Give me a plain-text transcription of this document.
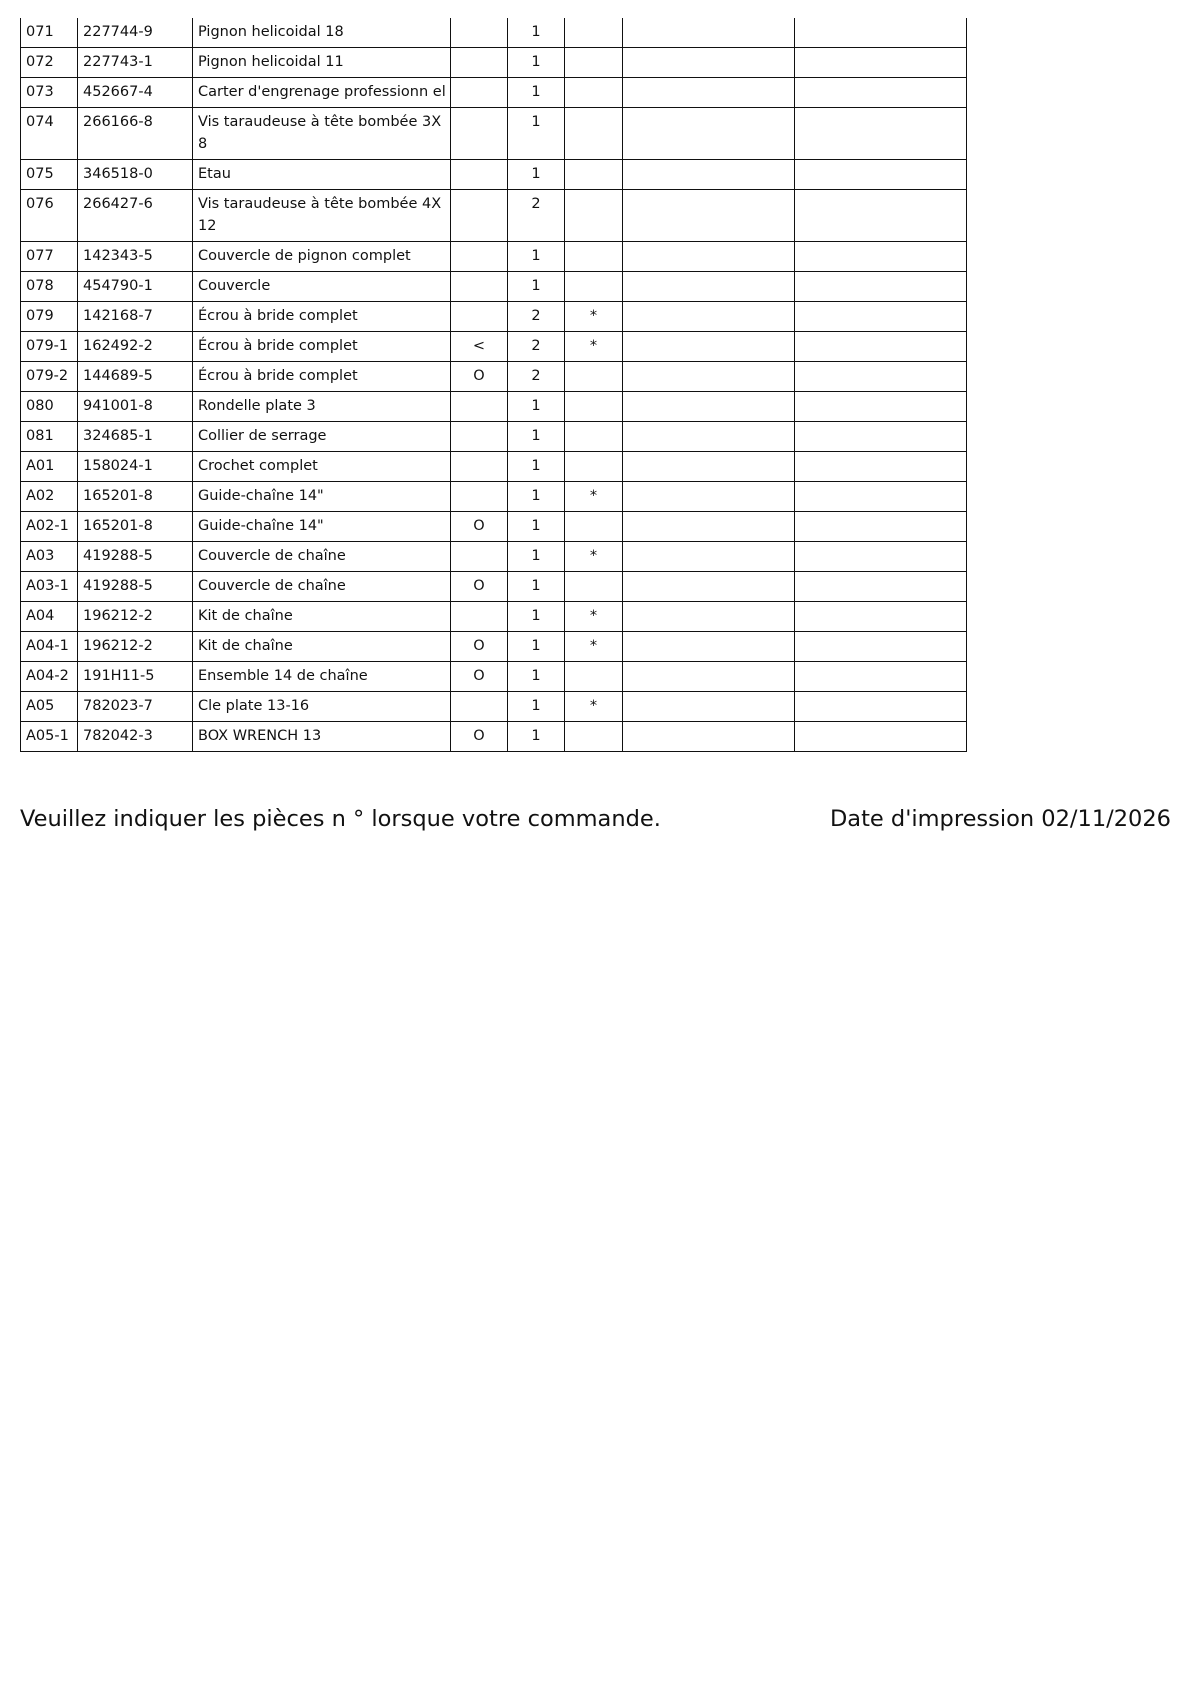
071	227744-9	Pignon helicoidal 18		1			
072	227743-1	Pignon helicoidal 11		1			
073	452667-4	Carter d'engrenage professionn el		1			
074	266166-8	Vis taraudeuse à tête bombée 3X 8		1			
075	346518-0	Etau		1			
076	266427-6	Vis taraudeuse à tête bombée 4X 12		2			
077	142343-5	Couvercle de pignon complet		1			
078	454790-1	Couvercle		1			
079	142168-7	Écrou à bride complet		2	*		
079-1	162492-2	Écrou à bride complet	<	2	*		
079-2	144689-5	Écrou à bride complet	O	2			
080	941001-8	Rondelle plate 3		1			
081	324685-1	Collier de serrage		1			
A01	158024-1	Crochet complet		1			
A02	165201-8	Guide-chaîne 14"		1	*		
A02-1	165201-8	Guide-chaîne 14"	O	1			
A03	419288-5	Couvercle de chaîne		1	*		
A03-1	419288-5	Couvercle de chaîne	O	1			
A04	196212-2	Kit de chaîne		1	*		
A04-1	196212-2	Kit de chaîne	O	1	*		
A04-2	191H11-5	Ensemble 14 de chaîne	O	1			
A05	782023-7	Cle plate 13-16		1	*		
A05-1	782042-3	BOX WRENCH 13	O	1			
Veuillez indiquer les pièces n ° lorsque votre commande.	Date d'impression 02/11/2026
